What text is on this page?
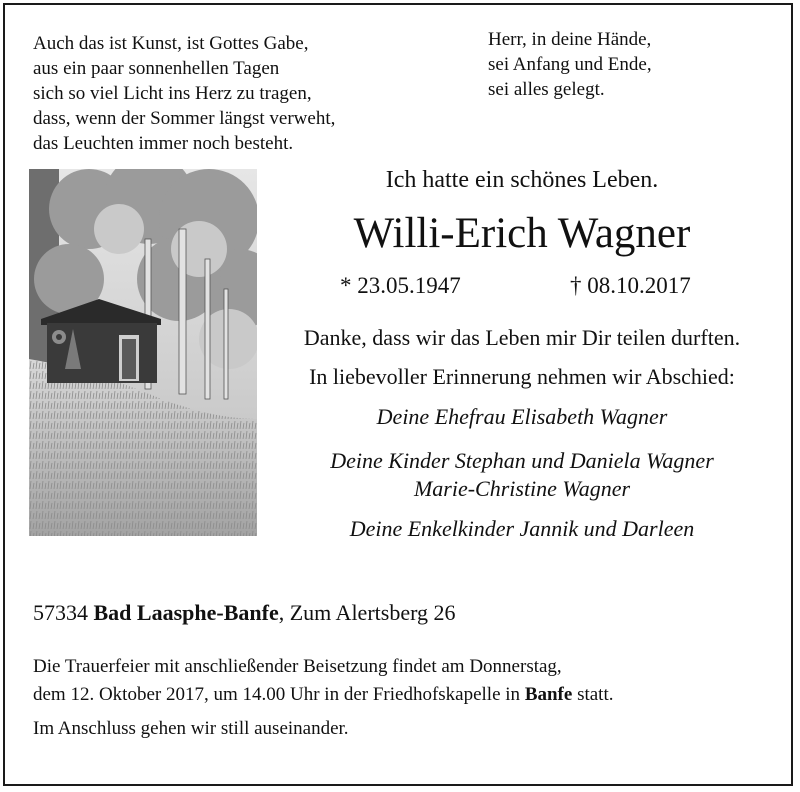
Auch das ist Kunst, ist Gottes Gabe,
aus ein paar sonnenhellen Tagen
sich so viel Licht ins Herz zu tragen,
dass, wenn der Sommer längst verweht,
das Leuchten immer noch besteht.
Herr, in deine Hände,
sei Anfang und Ende,
sei alles gelegt.

Ich hatte ein schönes Leben.

Willi-Erich Wagner

* 23.05.1947	† 08.10.2017

Danke, dass wir das Leben mir Dir teilen durften.

In liebevoller Erinnerung nehmen wir Abschied:

Deine Ehefrau Elisabeth Wagner

Deine Kinder Stephan und Daniela Wagner

Marie-Christine Wagner

Deine Enkelkinder Jannik und Darleen

57334 Bad Laasphe-Banfe, Zum Alertsberg 26

Die Trauerfeier mit anschließender Beisetzung findet am Donnerstag,
dem 12. Oktober 2017, um 14.00 Uhr in der Friedhofskapelle in Banfe statt.

Im Anschluss gehen wir still auseinander.
